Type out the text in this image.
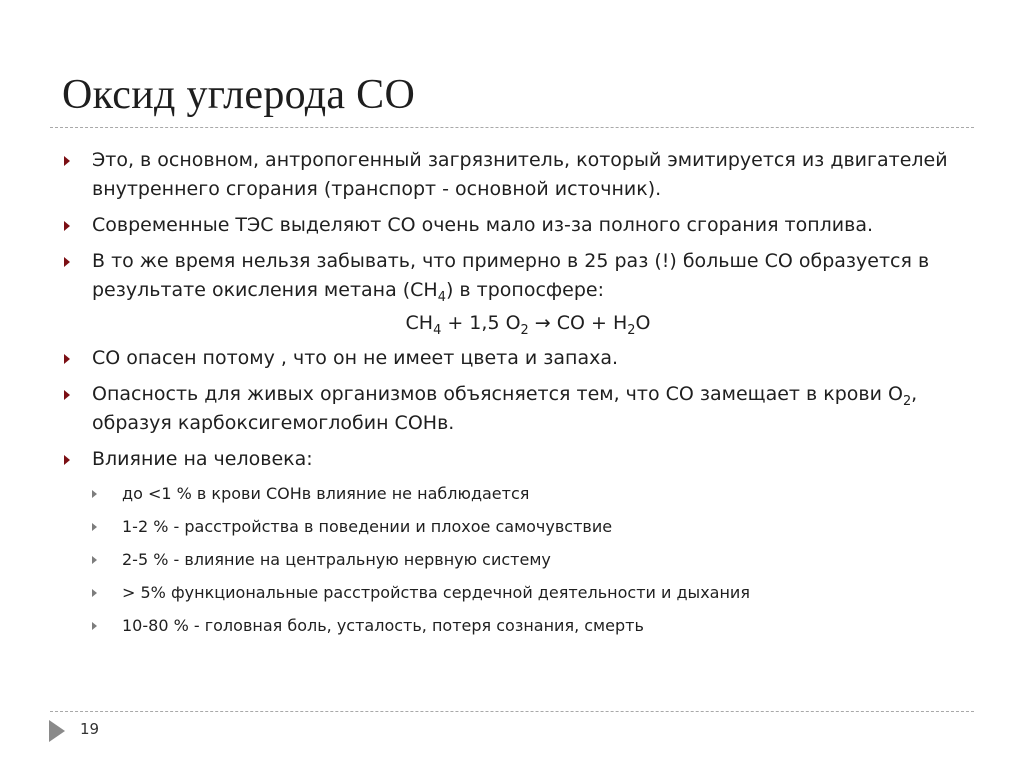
Оксид углерода СО
Это, в основном, антропогенный загрязнитель, который эмитируется из двигателей внутреннего сгорания (транспорт - основной источник).
Современные ТЭС выделяют СО очень мало из-за полного сгорания топлива.
В то же время нельзя забывать, что примерно в 25 раз (!) больше СО образуется в результате окисления метана $(СН_4)$ в тропосфере:
$СН_4 + 1,5$ $О_2$ → СО + $Н_2О$
СО опасен потому , что он не имеет цвета и запаха.
Опасность для живых организмов объясняется тем, что СО замещает в крови $О_2$, образуя карбоксигемоглобин СОНв.
Влияние на человека:
до <1 % в крови СОНв влияние не наблюдается
1-2 % - расстройства в поведении и плохое самочувствие
2-5 % - влияние на центральную нервную систему
> 5% функциональные расстройства сердечной деятельности и дыхания
10-80 % - головная боль, усталость, потеря сознания, смерть
19
